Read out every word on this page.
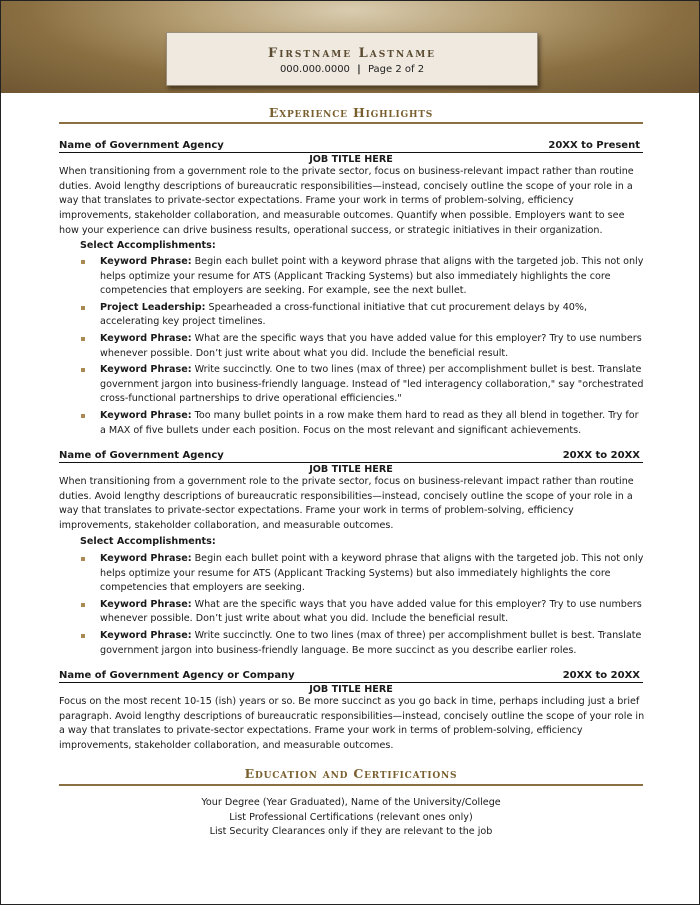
Firstname Lastname
000.000.0000 | Page 2 of 2
Experience Highlights
Name of Government Agency	20XX to Present
JOB TITLE HERE
When transitioning from a government role to the private sector, focus on business-relevant impact rather than routine duties. Avoid lengthy descriptions of bureaucratic responsibilities—instead, concisely outline the scope of your role in a way that translates to private-sector expectations. Frame your work in terms of problem-solving, efficiency improvements, stakeholder collaboration, and measurable outcomes. Quantify when possible. Employers want to see how your experience can drive business results, operational success, or strategic initiatives in their organization.
Select Accomplishments:
Keyword Phrase: Begin each bullet point with a keyword phrase that aligns with the targeted job. This not only helps optimize your resume for ATS (Applicant Tracking Systems) but also immediately highlights the core competencies that employers are seeking. For example, see the next bullet.
Project Leadership: Spearheaded a cross-functional initiative that cut procurement delays by 40%, accelerating key project timelines.
Keyword Phrase: What are the specific ways that you have added value for this employer? Try to use numbers whenever possible. Don’t just write about what you did. Include the beneficial result.
Keyword Phrase: Write succinctly. One to two lines (max of three) per accomplishment bullet is best. Translate government jargon into business-friendly language. Instead of "led interagency collaboration," say "orchestrated cross-functional partnerships to drive operational efficiencies."
Keyword Phrase: Too many bullet points in a row make them hard to read as they all blend in together. Try for a MAX of five bullets under each position. Focus on the most relevant and significant achievements.
Name of Government Agency	20XX to 20XX
JOB TITLE HERE
When transitioning from a government role to the private sector, focus on business-relevant impact rather than routine duties. Avoid lengthy descriptions of bureaucratic responsibilities—instead, concisely outline the scope of your role in a way that translates to private-sector expectations. Frame your work in terms of problem-solving, efficiency improvements, stakeholder collaboration, and measurable outcomes.
Select Accomplishments:
Keyword Phrase: Begin each bullet point with a keyword phrase that aligns with the targeted job. This not only helps optimize your resume for ATS (Applicant Tracking Systems) but also immediately highlights the core competencies that employers are seeking.
Keyword Phrase: What are the specific ways that you have added value for this employer? Try to use numbers whenever possible. Don’t just write about what you did. Include the beneficial result.
Keyword Phrase: Write succinctly. One to two lines (max of three) per accomplishment bullet is best. Translate government jargon into business-friendly language. Be more succinct as you describe earlier roles.
Name of Government Agency or Company	20XX to 20XX
JOB TITLE HERE
Focus on the most recent 10-15 (ish) years or so. Be more succinct as you go back in time, perhaps including just a brief paragraph. Avoid lengthy descriptions of bureaucratic responsibilities—instead, concisely outline the scope of your role in a way that translates to private-sector expectations. Frame your work in terms of problem-solving, efficiency improvements, stakeholder collaboration, and measurable outcomes.
Education and Certifications
Your Degree (Year Graduated), Name of the University/College
List Professional Certifications (relevant ones only)
List Security Clearances only if they are relevant to the job
